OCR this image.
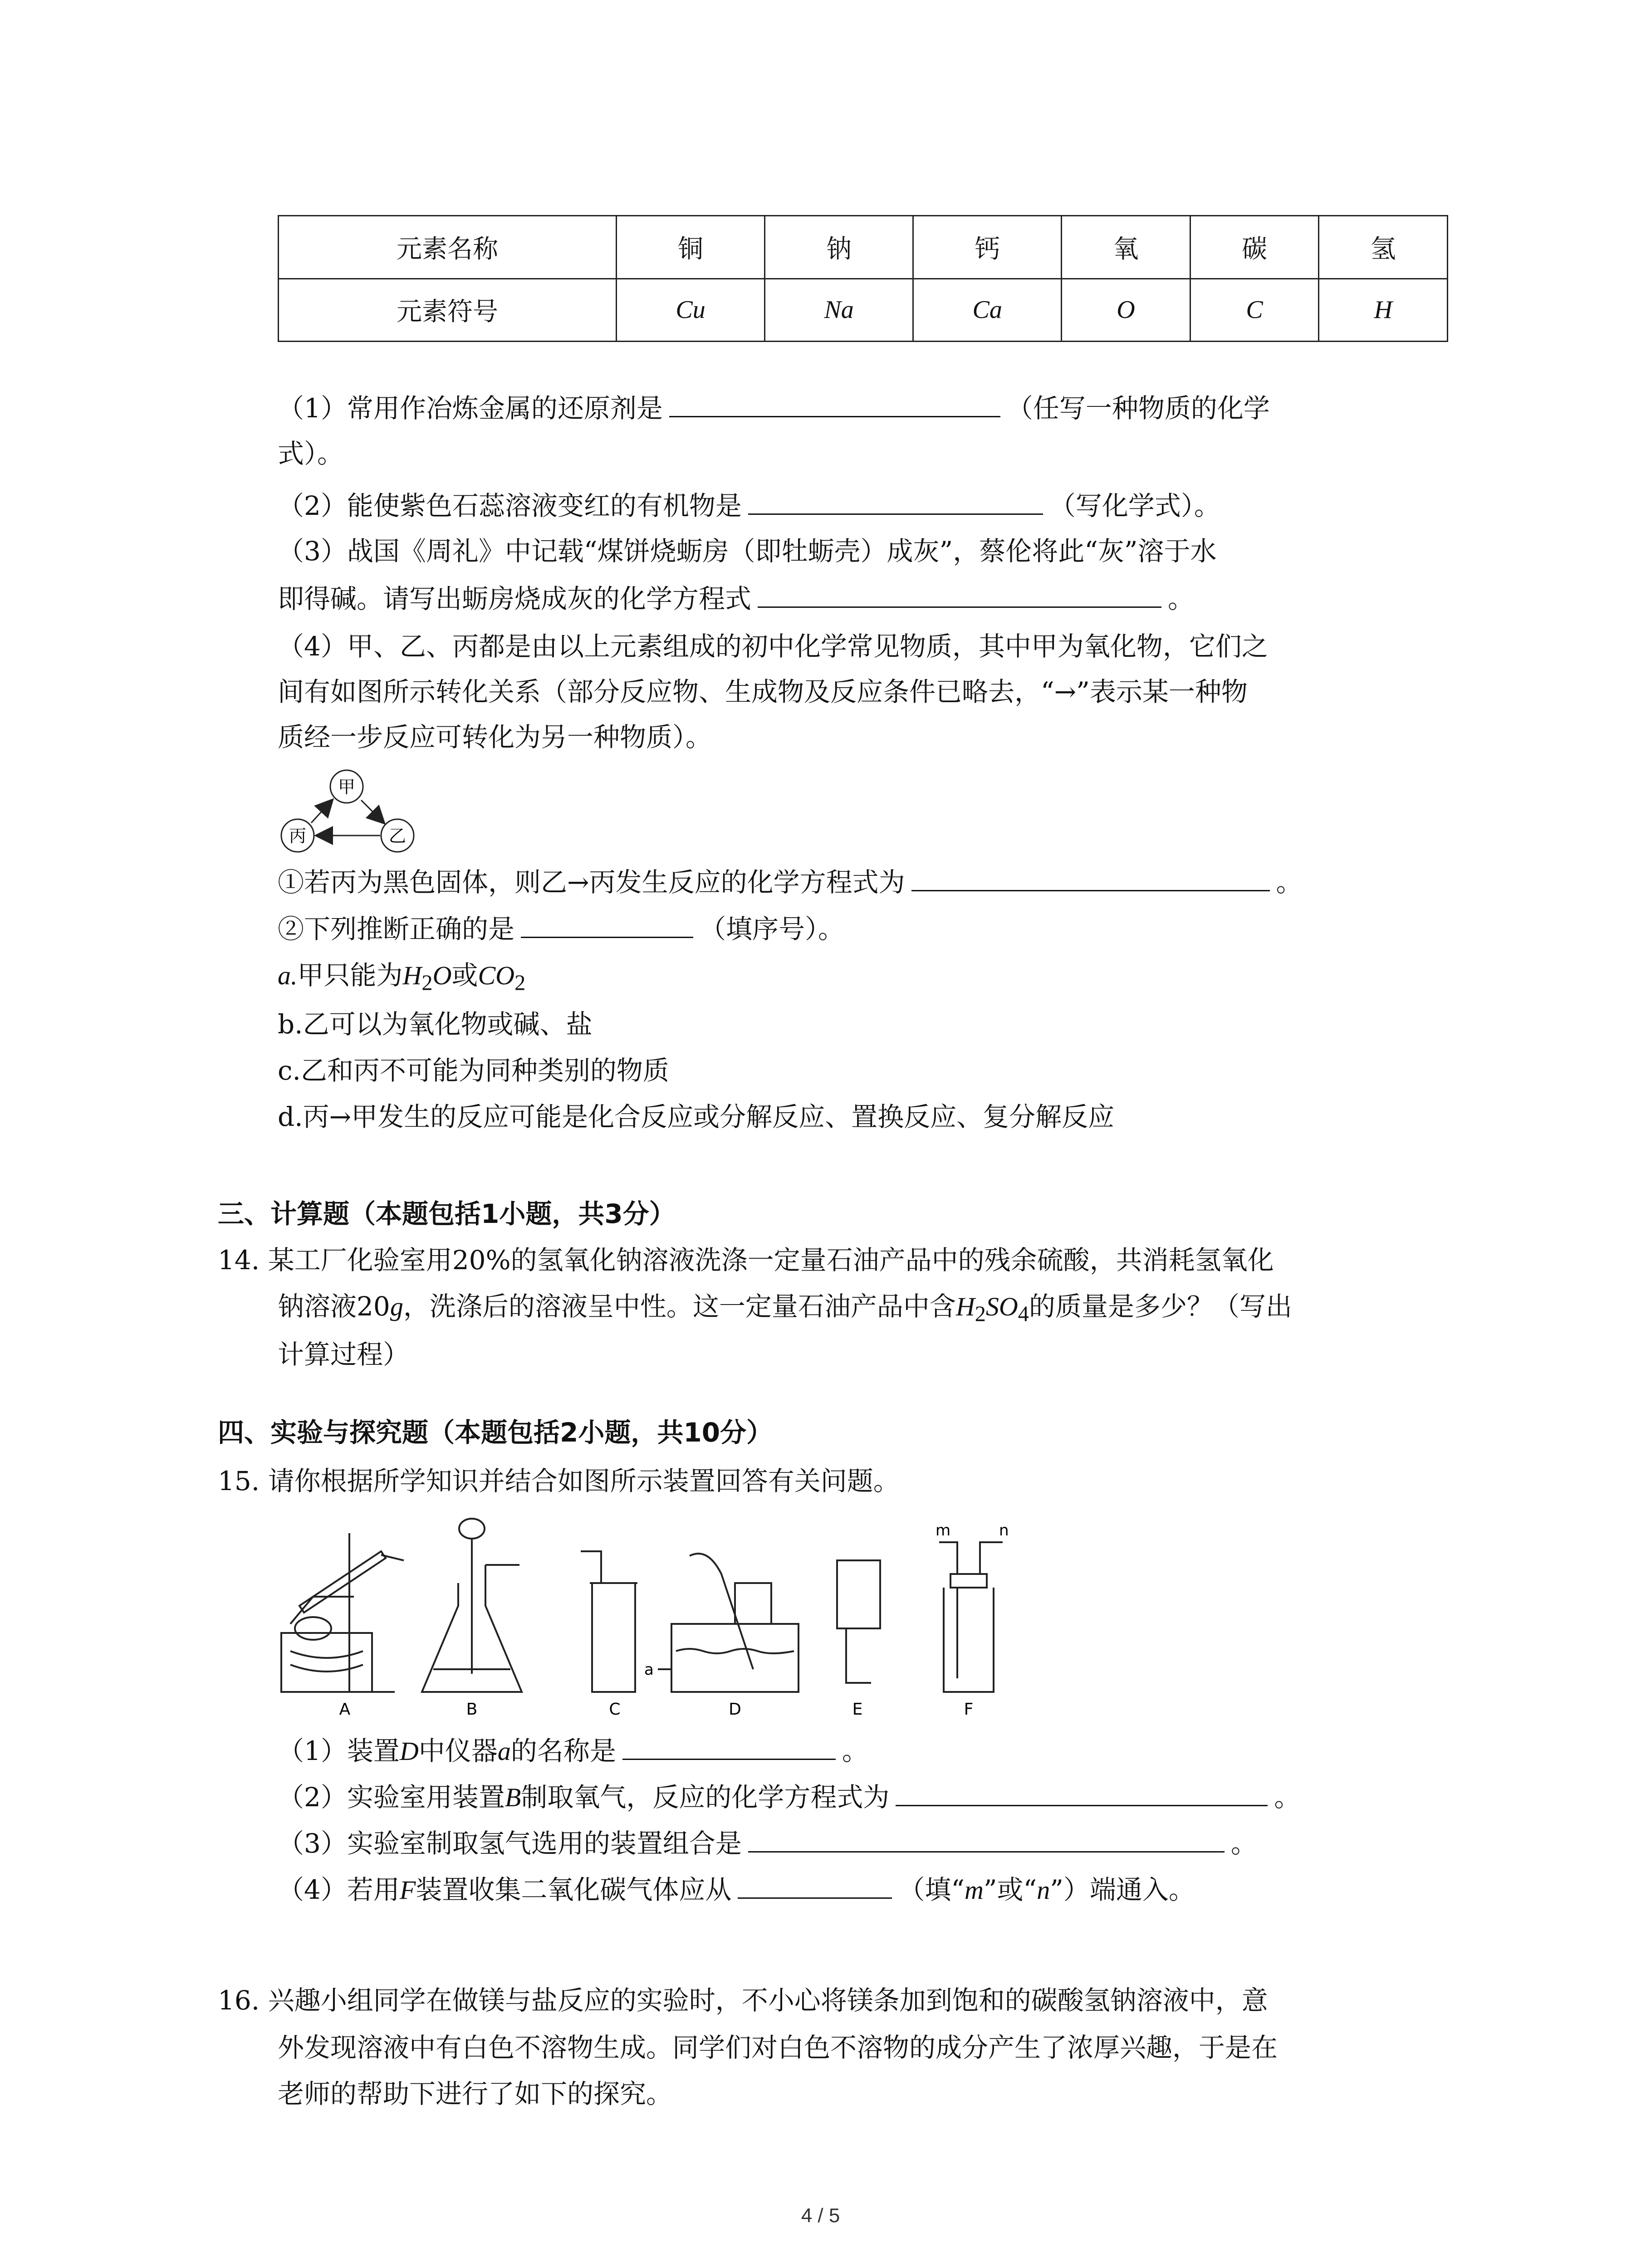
元素名称	铜	钠	钙	氧	碳	氢
元素符号	Cu	Na	Ca	O	C	H
（1）常用作冶炼金属的还原剂是	（任写一种物质的化学
式）。
（2）能使紫色石蕊溶液变红的有机物是	（写化学式）。
（3）战国《周礼》中记载“煤饼烧蛎房（即牡蛎壳）成灰”，蔡伦将此“灰”溶于水
即得碱。请写出蛎房烧成灰的化学方程式	。
（4）甲、乙、丙都是由以上元素组成的初中化学常见物质，其中甲为氧化物，它们之
间有如图所示转化关系（部分反应物、生成物及反应条件已略去，“→”表示某一种物
质经一步反应可转化为另一种物质）。
甲
丙	乙
①若丙为黑色固体，则乙→丙发生反应的化学方程式为	。
②下列推断正确的是	（填序号）。
a.甲只能为$H_2O$或$CO_2$
b.乙可以为氧化物或碱、盐
c.乙和丙不可能为同种类别的物质
d.丙→甲发生的反应可能是化合反应或分解反应、置换反应、复分解反应
三、计算题（本题包括1小题，共3分）
14. 某工厂化验室用20%的氢氧化钠溶液洗涤一定量石油产品中的残余硫酸，共消耗氢氧化
钠溶液20g，洗涤后的溶液呈中性。这一定量石油产品中含$H_2SO_4$的质量是多少？（写出
计算过程）
四、实验与探究题（本题包括2小题，共10分）
15. 请你根据所学知识并结合如图所示装置回答有关问题。
a
m	n
A	B	C	D	E	F
（1）装置D中仪器a的名称是	。
（2）实验室用装置B制取氧气，反应的化学方程式为	。
（3）实验室制取氢气选用的装置组合是	。
（4）若用F装置收集二氧化碳气体应从	（填“m”或“n”）端通入。
16. 兴趣小组同学在做镁与盐反应的实验时，不小心将镁条加到饱和的碳酸氢钠溶液中，意
外发现溶液中有白色不溶物生成。同学们对白色不溶物的成分产生了浓厚兴趣，于是在
老师的帮助下进行了如下的探究。
4 / 5
